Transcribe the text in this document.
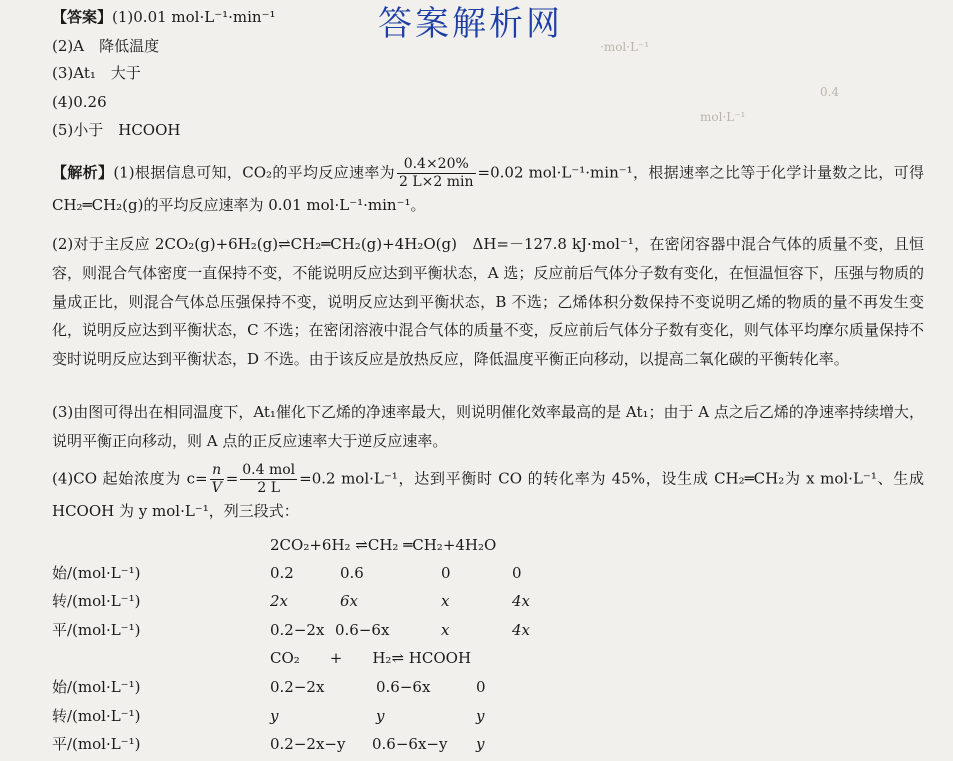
·mol·L⁻¹
0.4
mol·L⁻¹
答案解析网
【答案】(1)0.01 mol·L⁻¹·min⁻¹
(2)A　降低温度
(3)At₁　大于
(4)0.26
(5)小于　HCOOH
【解析】(1)根据信息可知，CO₂的平均反应速率为 $\frac{0.4\times 20\%}{2 L\times 2 \min} =0.02$ mol·L⁻¹·min⁻¹，根据速率之比等于化学计量数之比，可得 CH₂═CH₂(g)的平均反应速率为 0.01 mol·L⁻¹·min⁻¹。
(2)对于主反应 2CO₂(g)+6H₂(g)⇌CH₂═CH₂(g)+4H₂O(g)　ΔH=－127.8 kJ·mol⁻¹，在密闭容器中混合气体的质量不变，且恒容，则混合气体密度一直保持不变，不能说明反应达到平衡状态，A 选；反应前后气体分子数有变化，在恒温恒容下，压强与物质的量成正比，则混合气体总压强保持不变，说明反应达到平衡状态，B 不选；乙烯体积分数保持不变说明乙烯的物质的量不再发生变化，说明反应达到平衡状态，C 不选；在密闭溶液中混合气体的质量不变，反应前后气体分子数有变化，则气体平均摩尔质量保持不变时说明反应达到平衡状态，D 不选。由于该反应是放热反应，降低温度平衡正向移动，以提高二氧化碳的平衡转化率。
(3)由图可得出在相同温度下，At₁催化下乙烯的净速率最大，则说明催化效率最高的是 At₁；由于 A 点之后乙烯的净速率持续增大，说明平衡正向移动，则 A 点的正反应速率大于逆反应速率。
(4)CO 起始浓度为 $c= \frac{n}{V} = \frac{\text{0.4 mol}}{2 L} =0.2$ mol·L⁻¹，达到平衡时 CO 的转化率为 45%，设生成 CH₂═CH₂为 x mol·L⁻¹、生成 HCOOH 为 y mol·L⁻¹，列三段式：
2CO₂+6H₂ ⇌CH₂ ═CH₂+4H₂O
始/(mol·L⁻¹)	0.2	0.6	0	0
转/(mol·L⁻¹)	2x	6x	x	4x
平/(mol·L⁻¹)	0.2−2x 0.6−6x	x	4x
CO₂　　+　　H₂⇌ HCOOH
始/(mol·L⁻¹)	0.2−2x	0.6−6x	0
转/(mol·L⁻¹)	y	y	y
平/(mol·L⁻¹)	0.2−2x−y 0.6−6x−y y
